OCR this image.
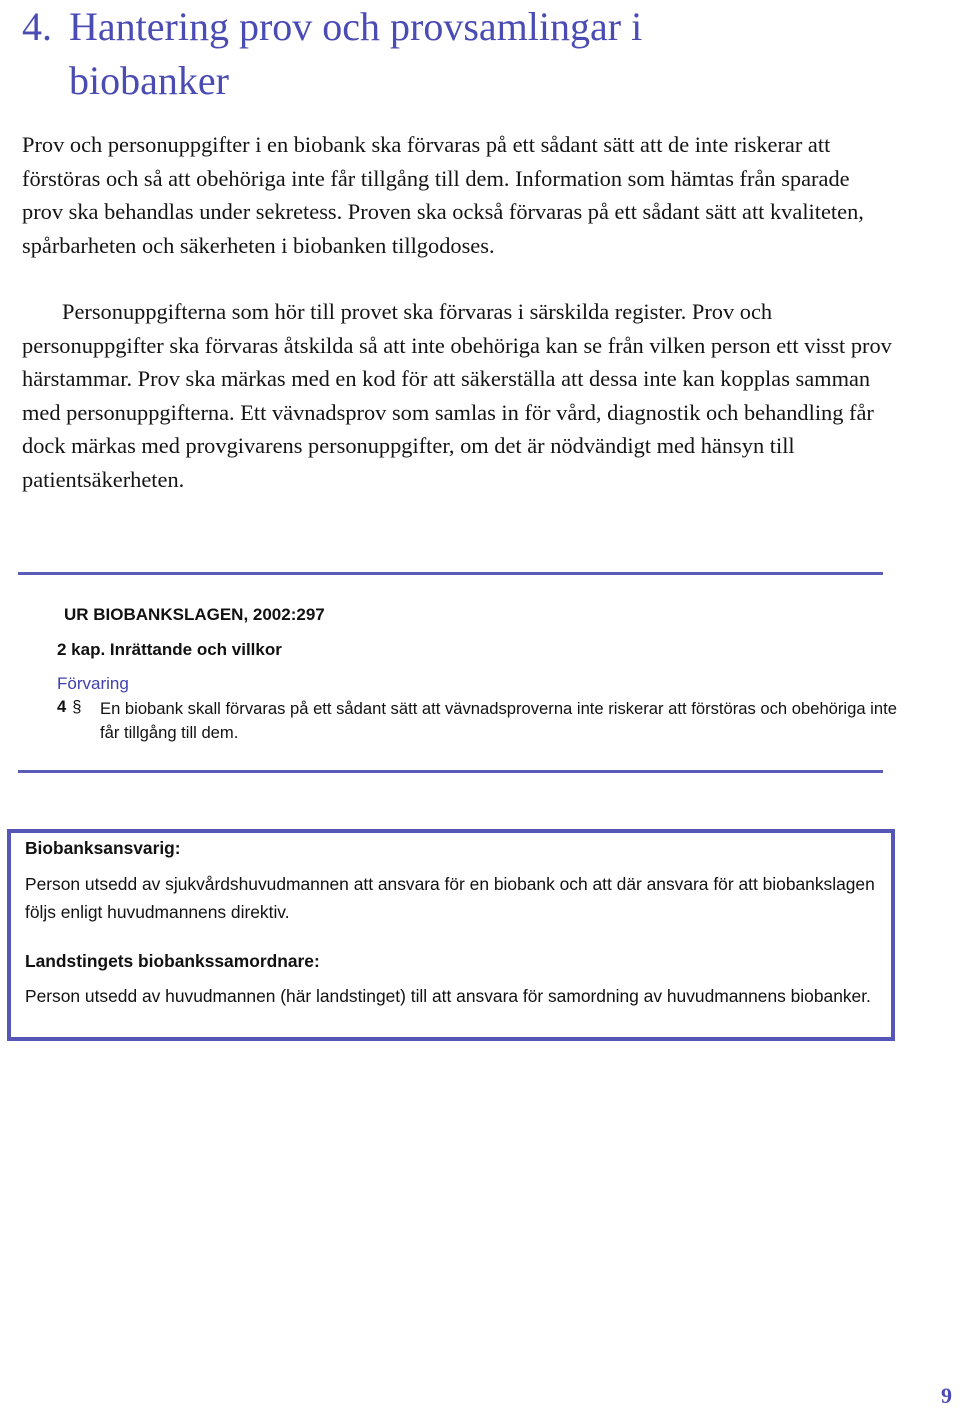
4. Hantering prov och provsamlingar i
biobanker

Prov och personuppgifter i en biobank ska förvaras på ett sådant sätt att de inte riskerar att förstöras och så att obehöriga inte får tillgång till dem. Information som hämtas från sparade prov ska behandlas under sekretess. Proven ska också förvaras på ett sådant sätt att kvaliteten, spårbarheten och säkerheten i biobanken tillgodoses.

Personuppgifterna som hör till provet ska förvaras i särskilda register. Prov och personuppgifter ska förvaras åtskilda så att inte obehöriga kan se från vilken person ett visst prov härstammar. Prov ska märkas med en kod för att säkerställa att dessa inte kan kopplas samman med personuppgifterna. Ett vävnadsprov som samlas in för vård, diagnostik och behandling får dock märkas med provgivarens personuppgifter, om det är nödvändigt med hänsyn till patientsäkerheten.

UR BIOBANKSLAGEN, 2002:297
2 kap. Inrättande och villkor
Förvaring
4 § En biobank skall förvaras på ett sådant sätt att vävnadsproverna inte riskerar att förstöras och obehöriga inte får tillgång till dem.

Biobanksansvarig:

Person utsedd av sjukvårdshuvudmannen att ansvara för en biobank och att där ansvara för att biobankslagen följs enligt huvudmannens direktiv.

Landstingets biobankssamordnare:

Person utsedd av huvudmannen (här landstinget) till att ansvara för samordning av huvudmannens biobanker.

9
